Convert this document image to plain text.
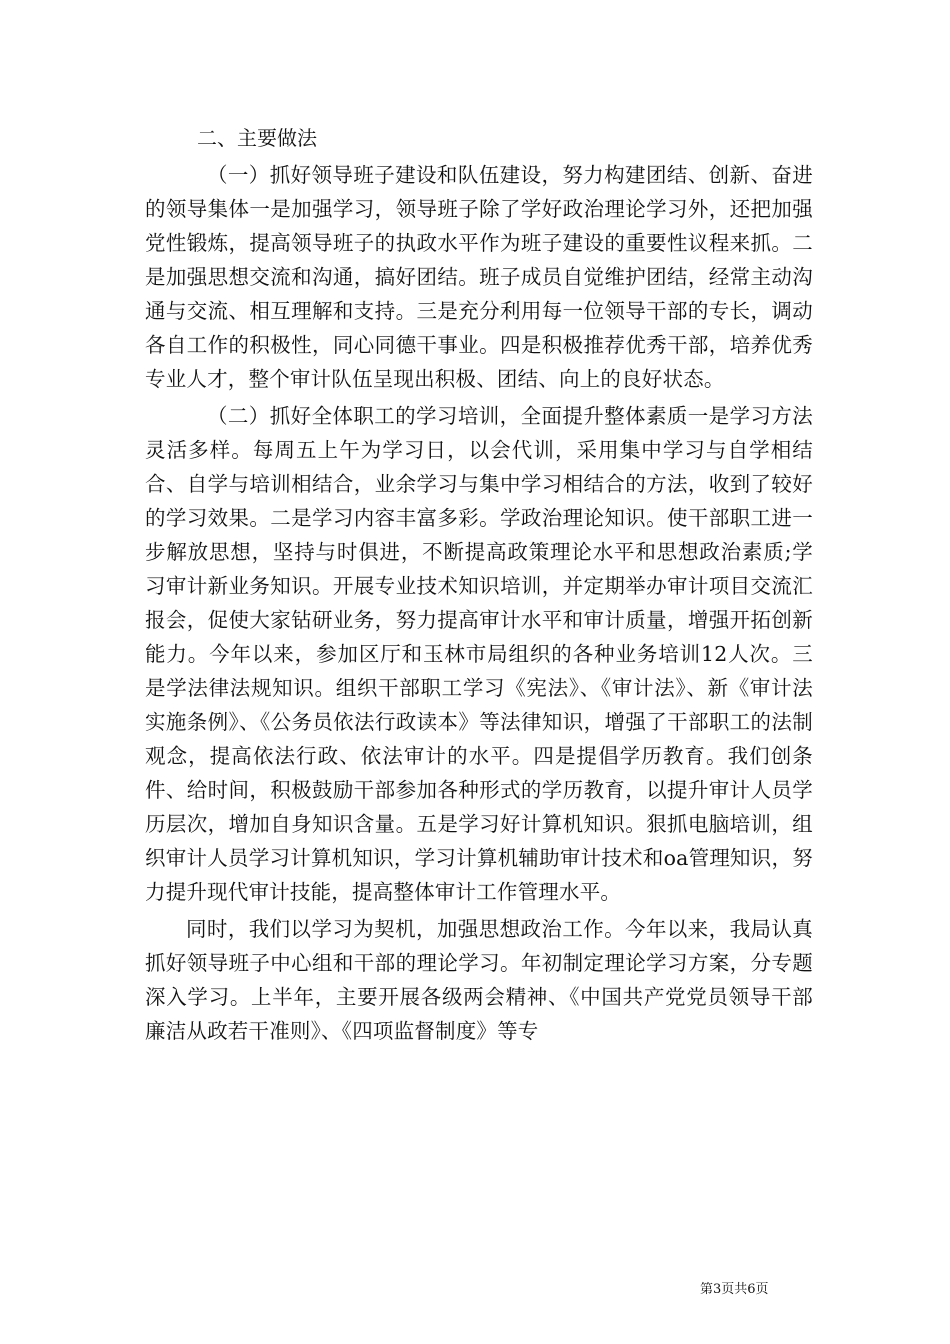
二、主要做法

（一）抓好领导班子建设和队伍建设，努力构建团结、创新、奋进的领导集体一是加强学习，领导班子除了学好政治理论学习外，还把加强党性锻炼，提高领导班子的执政水平作为班子建设的重要性议程来抓。二是加强思想交流和沟通，搞好团结。班子成员自觉维护团结，经常主动沟通与交流、相互理解和支持。三是充分利用每一位领导干部的专长，调动各自工作的积极性，同心同德干事业。四是积极推荐优秀干部，培养优秀专业人才，整个审计队伍呈现出积极、团结、向上的良好状态。

（二）抓好全体职工的学习培训，全面提升整体素质一是学习方法灵活多样。每周五上午为学习日，以会代训，采用集中学习与自学相结合、自学与培训相结合，业余学习与集中学习相结合的方法，收到了较好的学习效果。二是学习内容丰富多彩。学政治理论知识。使干部职工进一步解放思想，坚持与时俱进，不断提高政策理论水平和思想政治素质;学习审计新业务知识。开展专业技术知识培训，并定期举办审计项目交流汇报会，促使大家钻研业务，努力提高审计水平和审计质量，增强开拓创新能力。今年以来，参加区厅和玉林市局组织的各种业务培训12人次。三是学法律法规知识。组织干部职工学习《宪法》、《审计法》、新《审计法实施条例》、《公务员依法行政读本》等法律知识，增强了干部职工的法制观念，提高依法行政、依法审计的水平。四是提倡学历教育。我们创条件、给时间，积极鼓励干部参加各种形式的学历教育，以提升审计人员学历层次，增加自身知识含量。五是学习好计算机知识。狠抓电脑培训，组织审计人员学习计算机知识，学习计算机辅助审计技术和oa管理知识，努力提升现代审计技能，提高整体审计工作管理水平。

同时，我们以学习为契机，加强思想政治工作。今年以来，我局认真抓好领导班子中心组和干部的理论学习。年初制定理论学习方案，分专题深入学习。上半年，主要开展各级两会精神、《中国共产党党员领导干部廉洁从政若干准则》、《四项监督制度》等专

第3页共6页
